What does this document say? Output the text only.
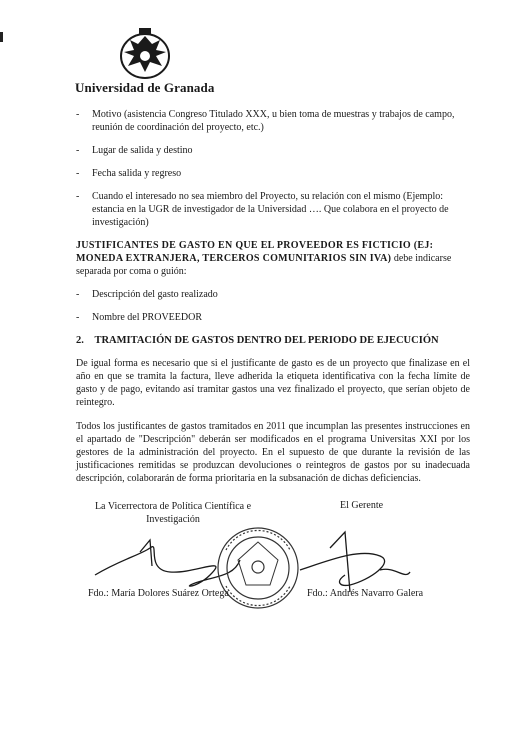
Universidad de Granada
- Motivo (asistencia Congreso Titulado XXX, u bien toma de muestras y trabajos de campo, reunión de coordinación del proyecto, etc.)
- Lugar de salida y destino
- Fecha salida y regreso
- Cuando el interesado no sea miembro del Proyecto, su relación con el mismo (Ejemplo: estancia en la UGR de investigador de la Universidad …. Que colabora en el proyecto de investigación)

JUSTIFICANTES DE GASTO EN QUE EL PROVEEDOR ES FICTICIO (EJ: MONEDA EXTRANJERA, TERCEROS COMUNITARIOS SIN IVA) debe indicarse separada por coma o guión:

- Descripción del gasto realizado
- Nombre del PROVEEDOR
2. TRAMITACIÓN DE GASTOS DENTRO DEL PERIODO DE EJECUCIÓN

De igual forma es necesario que si el justificante de gasto es de un proyecto que finalizase en el año en que se tramita la factura, lleve adherida la etiqueta identificativa con la fecha límite de gasto y de pago, evitando así tramitar gastos una vez finalizado el proyecto, que serían objeto de reintegro.

Todos los justificantes de gastos tramitados en 2011 que incumplan las presentes instrucciones en el apartado de "Descripción" deberán ser modificados en el programa Universitas XXI por los gestores de la administración del proyecto. En el supuesto de que durante la revisión de las justificaciones remitidas se produzcan devoluciones o reintegros de gastos por su inadecuada descripción, colaborarán de forma prioritaria en la subsanación de dichas deficiencias.

La Vicerrectora de Política Científica e
Investigación
El Gerente
Fdo.: María Dolores Suárez Ortega	Fdo.: Andrés Navarro Galera
